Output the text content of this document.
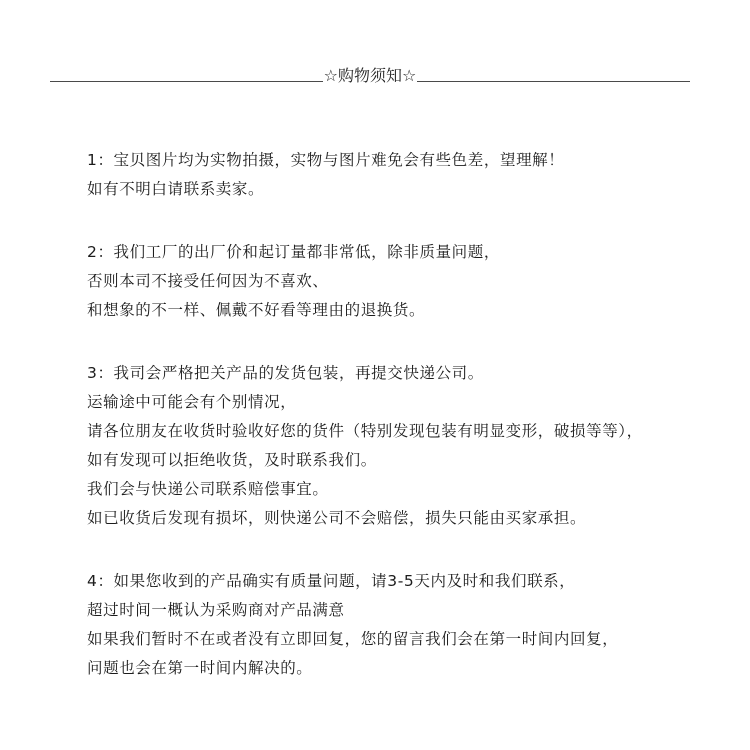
☆购物须知☆
1：宝贝图片均为实物拍摄，实物与图片难免会有些色差，望理解！
如有不明白请联系卖家。
2：我们工厂的出厂价和起订量都非常低，除非质量问题，
否则本司不接受任何因为不喜欢、
和想象的不一样、佩戴不好看等理由的退换货。
3：我司会严格把关产品的发货包装，再提交快递公司。
运输途中可能会有个别情况，
请各位朋友在收货时验收好您的货件（特别发现包装有明显变形，破损等等），
如有发现可以拒绝收货，及时联系我们。
我们会与快递公司联系赔偿事宜。
如已收货后发现有损坏，则快递公司不会赔偿，损失只能由买家承担。
4：如果您收到的产品确实有质量问题，请3-5天内及时和我们联系，
超过时间一概认为采购商对产品满意
如果我们暂时不在或者没有立即回复，您的留言我们会在第一时间内回复，
问题也会在第一时间内解决的。
